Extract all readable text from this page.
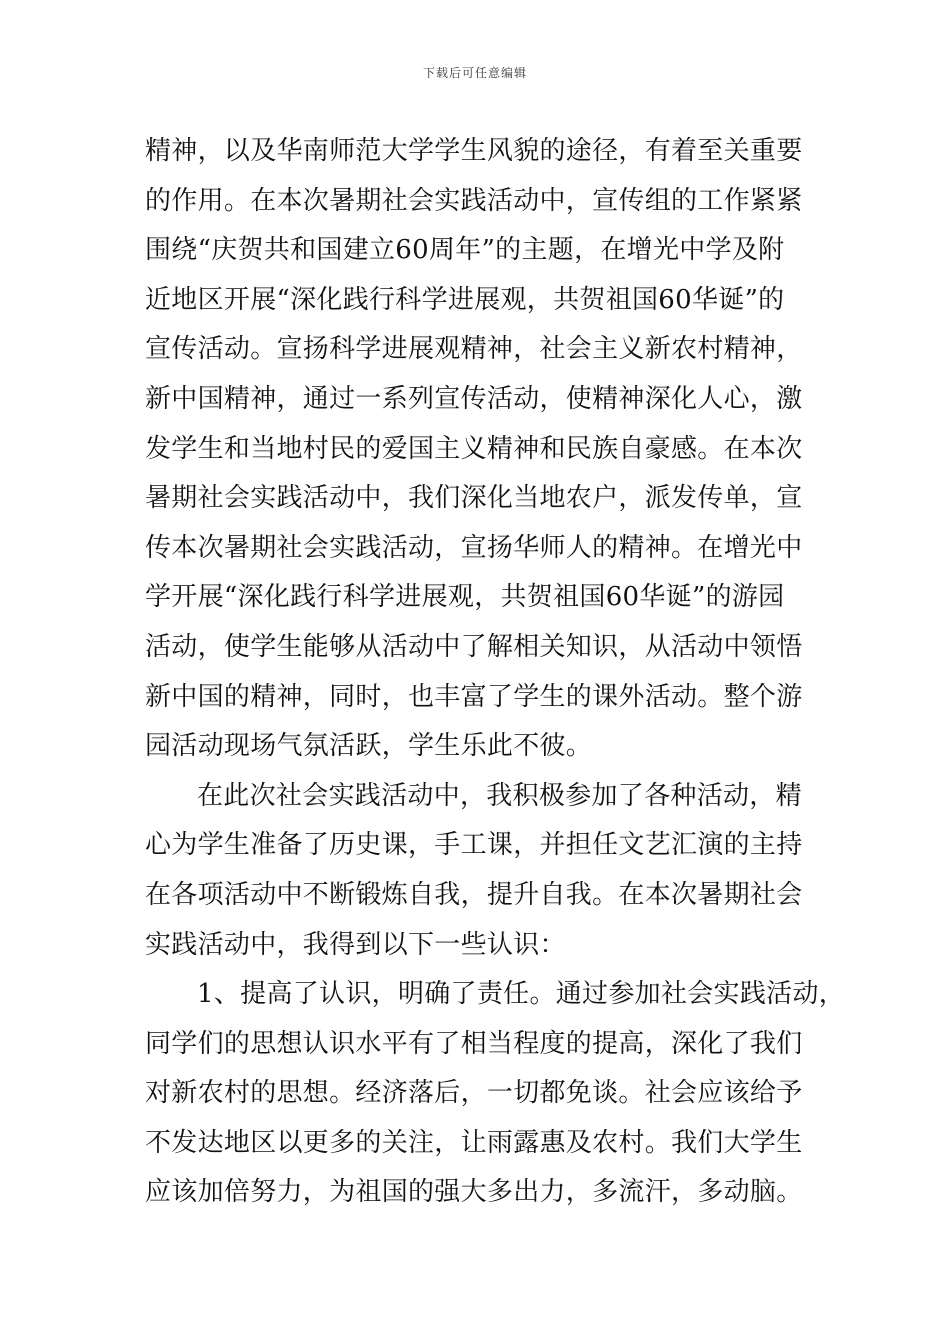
下载后可任意编辑
精神，以及华南师范大学学生风貌的途径，有着至关重要
的作用。在本次暑期社会实践活动中，宣传组的工作紧紧
围绕“庆贺共和国建立60周年”的主题，在增光中学及附
近地区开展“深化践行科学进展观，共贺祖国60华诞”的
宣传活动。宣扬科学进展观精神，社会主义新农村精神，
新中国精神，通过一系列宣传活动，使精神深化人心，激
发学生和当地村民的爱国主义精神和民族自豪感。在本次
暑期社会实践活动中，我们深化当地农户，派发传单，宣
传本次暑期社会实践活动，宣扬华师人的精神。在增光中
学开展“深化践行科学进展观，共贺祖国60华诞”的游园
活动，使学生能够从活动中了解相关知识，从活动中领悟
新中国的精神，同时，也丰富了学生的课外活动。整个游
园活动现场气氛活跃，学生乐此不彼。
在此次社会实践活动中，我积极参加了各种活动，精
心为学生准备了历史课，手工课，并担任文艺汇演的主持
在各项活动中不断锻炼自我，提升自我。在本次暑期社会
实践活动中，我得到以下一些认识：
1、提高了认识，明确了责任。通过参加社会实践活动，
同学们的思想认识水平有了相当程度的提高，深化了我们
对新农村的思想。经济落后，一切都免谈。社会应该给予
不发达地区以更多的关注，让雨露惠及农村。我们大学生
应该加倍努力，为祖国的强大多出力，多流汗，多动脑。
